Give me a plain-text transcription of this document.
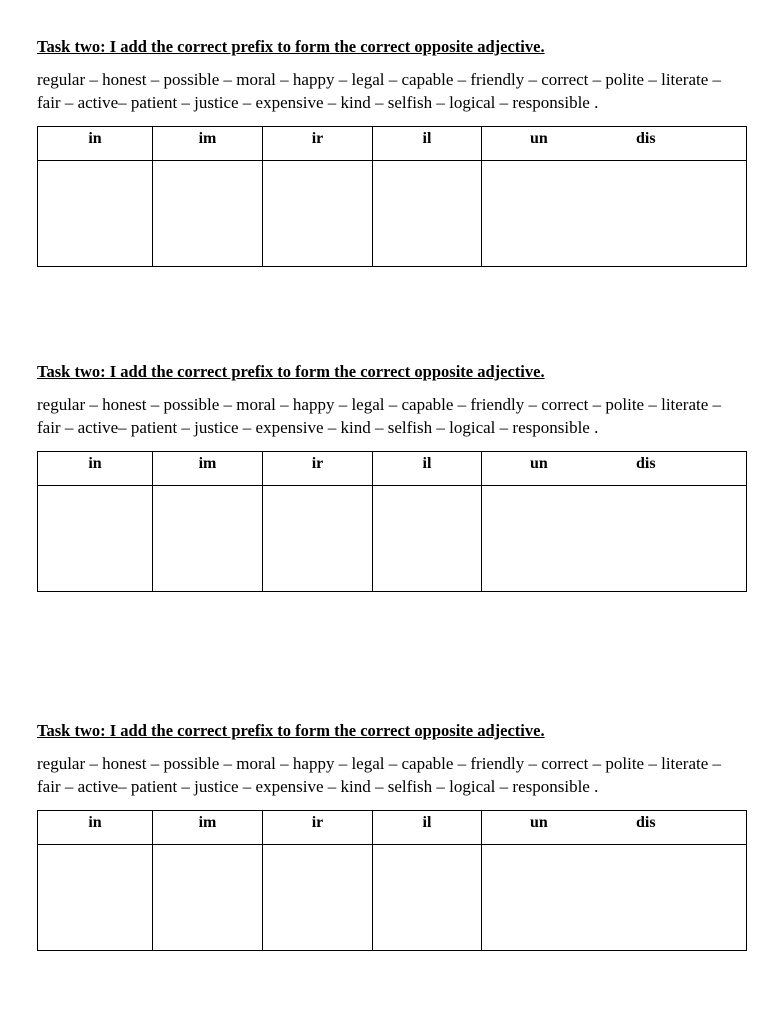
Task two: I add the correct prefix to form the correct opposite adjective.

regular – honest – possible – moral – happy – legal – capable – friendly – correct – polite – literate – fair – active– patient – justice – expensive – kind – selfish – logical – responsible .

in	im	ir	il	un dis

Task two: I add the correct prefix to form the correct opposite adjective.

regular – honest – possible – moral – happy – legal – capable – friendly – correct – polite – literate – fair – active– patient – justice – expensive – kind – selfish – logical – responsible .

in	im	ir	il	un dis

Task two: I add the correct prefix to form the correct opposite adjective.

regular – honest – possible – moral – happy – legal – capable – friendly – correct – polite – literate – fair – active– patient – justice – expensive – kind – selfish – logical – responsible .

in	im	ir	il	un dis
